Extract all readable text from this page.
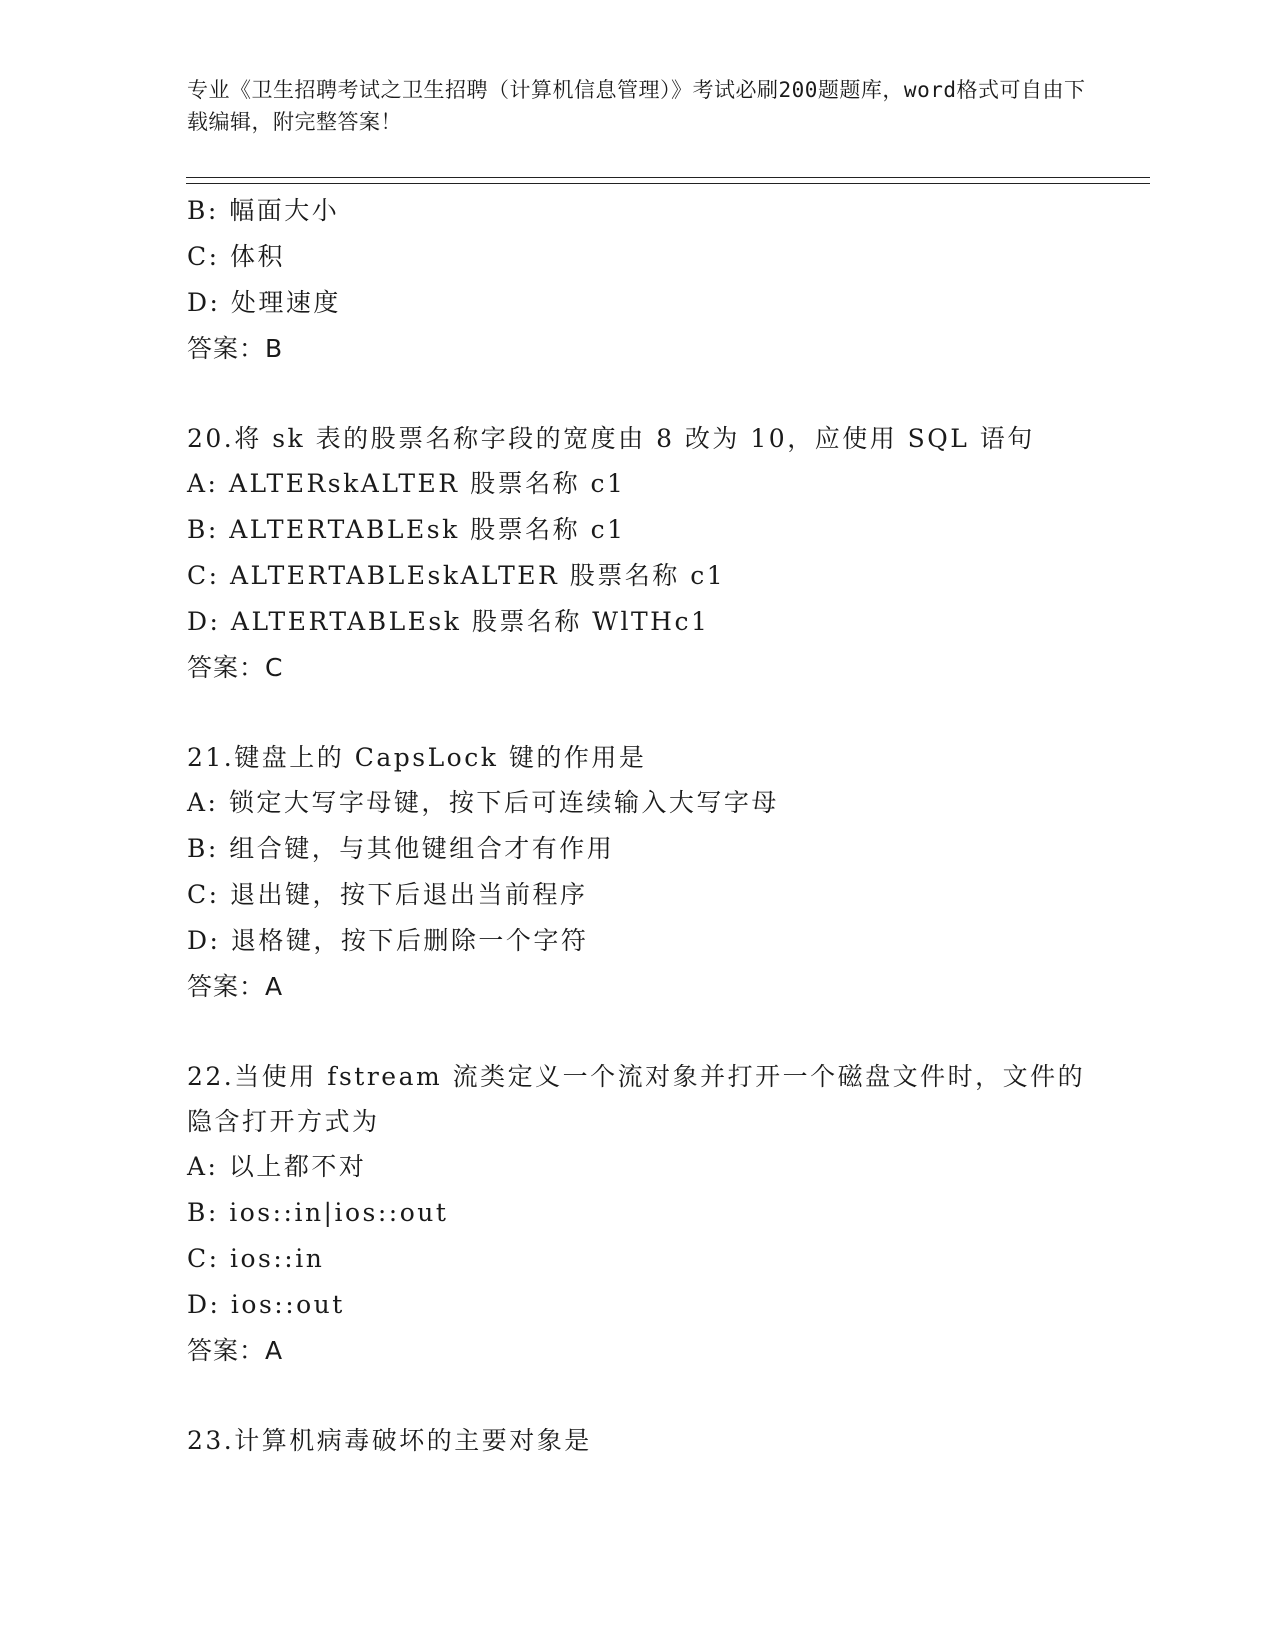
专业《卫生招聘考试之卫生招聘（计算机信息管理）》考试必刷200题题库，word格式可自由下载编辑，附完整答案！
B: 幅面大小
C: 体积
D: 处理速度
答案：B
20.将 sk 表的股票名称字段的宽度由 8 改为 10，应使用 SQL 语句
A: ALTERskALTER 股票名称 c1
B: ALTERTABLEsk 股票名称 c1
C: ALTERTABLEskALTER 股票名称 c1
D: ALTERTABLEsk 股票名称 WlTHc1
答案：C
21.键盘上的 CapsLock 键的作用是
A: 锁定大写字母键，按下后可连续输入大写字母
B: 组合键，与其他键组合才有作用
C: 退出键，按下后退出当前程序
D: 退格键，按下后删除一个字符
答案：A
22.当使用 fstream 流类定义一个流对象并打开一个磁盘文件时，文件的隐含打开方式为
A: 以上都不对
B: ios::in|ios::out
C: ios::in
D: ios::out
答案：A
23.计算机病毒破坏的主要对象是
